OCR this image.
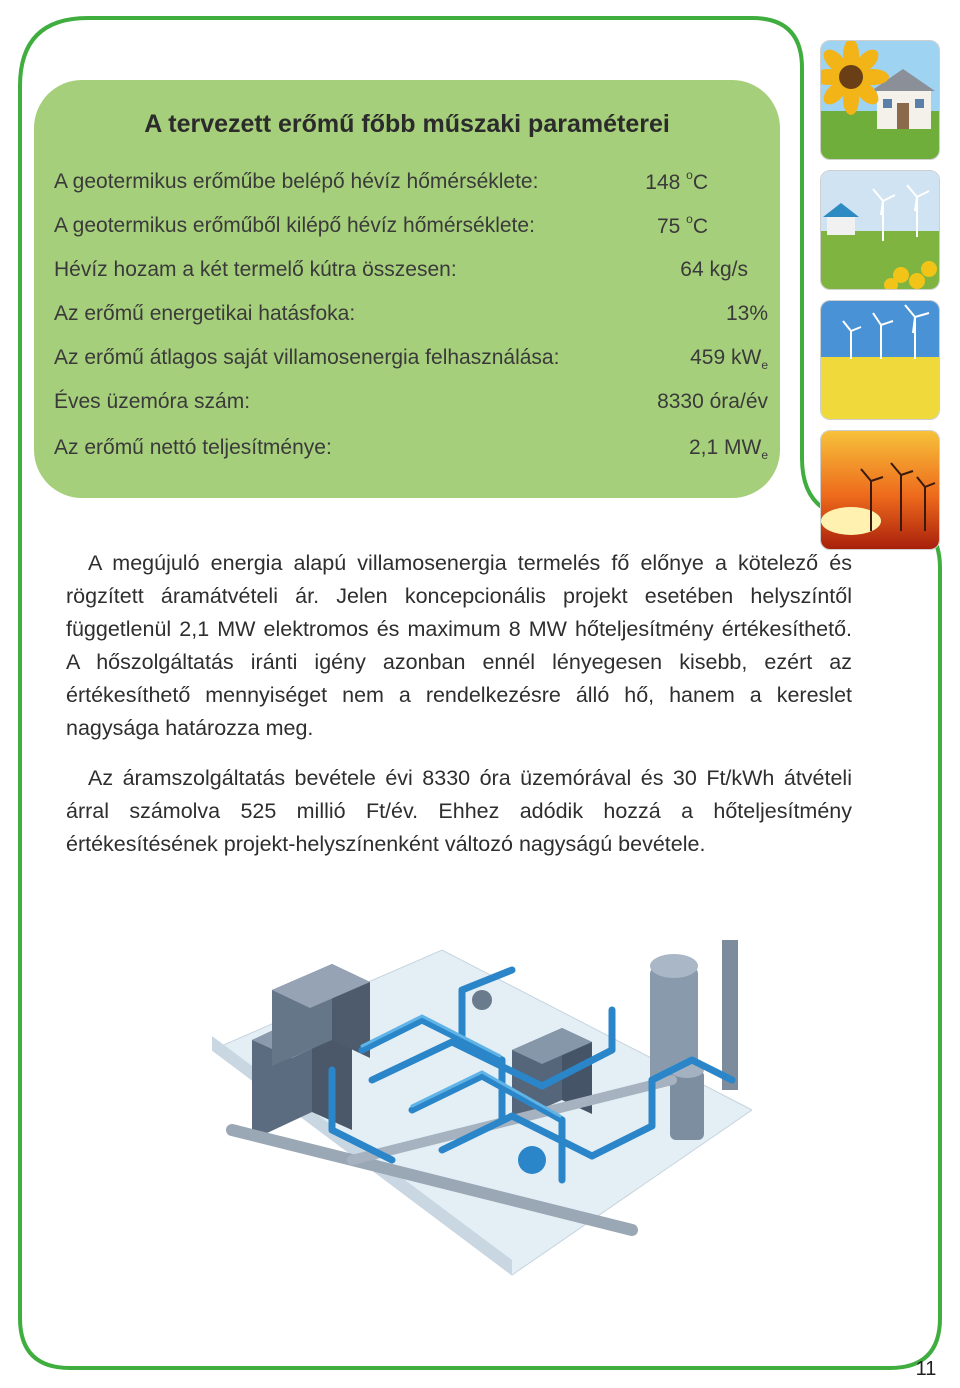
A tervezett erőmű főbb műszaki paraméterei
A geotermikus erőműbe belépő hévíz hőmérséklete:	148 $^o$C
A geotermikus erőműből kilépő hévíz hőmérséklete:	75 $^o$C
Hévíz hozam a két termelő kútra összesen:	64 kg/s
Az erőmű energetikai hatásfoka:	13%
Az erőmű átlagos saját villamosenergia felhasználása:	459 $kW_e$
Éves üzemóra szám:	8330 óra/év
Az erőmű nettó teljesítménye:	2,1 $MW_e$

A megújuló energia alapú villamosenergia termelés fő előnye a kötelező és rögzített áramátvételi ár. Jelen koncepcionális projekt esetében helyszíntől függetlenül 2,1 MW elektromos és maximum 8 MW hőteljesítmény értékesíthető. A hőszolgáltatás iránti igény azonban ennél lényegesen kisebb, ezért az értékesíthető mennyiséget nem a rendelkezésre álló hő, hanem a kereslet nagysága határozza meg.

Az áramszolgáltatás bevétele évi 8330 óra üzemórával és 30 Ft/kWh átvételi árral számolva 525 millió Ft/év. Ehhez adódik hozzá a hőteljesítmény értékesítésének projekt-helyszínenként változó nagyságú bevétele.

11
